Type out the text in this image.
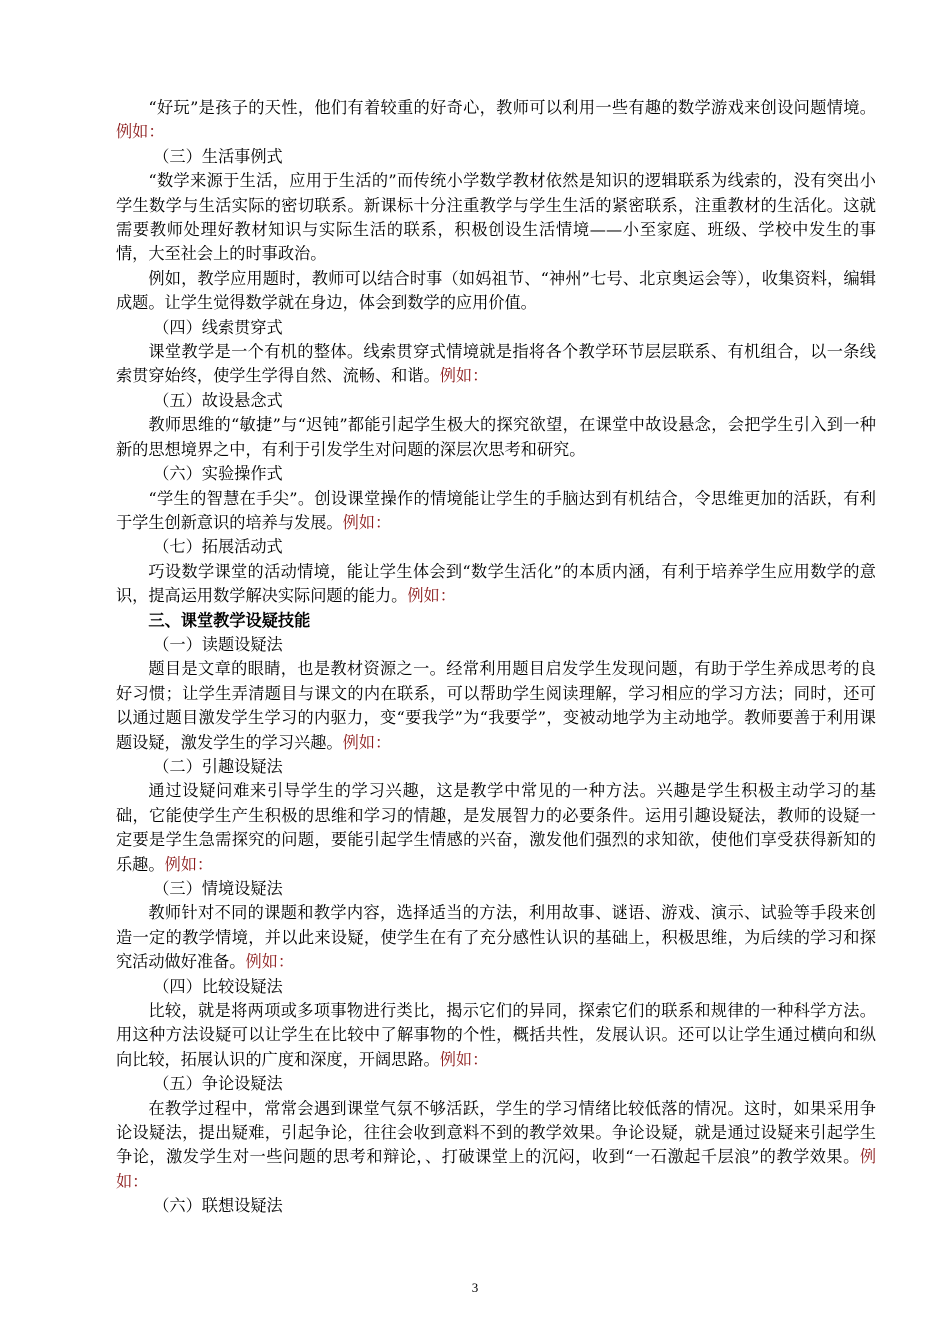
“好玩”是孩子的天性，他们有着较重的好奇心，教师可以利用一些有趣的数学游戏来创设问题情境。例如：

（三）生活事例式

“数学来源于生活，应用于生活的”而传统小学数学教材依然是知识的逻辑联系为线索的，没有突出小学生数学与生活实际的密切联系。新课标十分注重教学与学生生活的紧密联系，注重教材的生活化。这就需要教师处理好教材知识与实际生活的联系，积极创设生活情境——小至家庭、班级、学校中发生的事情，大至社会上的时事政治。

例如，教学应用题时，教师可以结合时事（如妈祖节、“神州”七号、北京奥运会等），收集资料，编辑成题。让学生觉得数学就在身边，体会到数学的应用价值。

（四）线索贯穿式

课堂教学是一个有机的整体。线索贯穿式情境就是指将各个教学环节层层联系、有机组合，以一条线索贯穿始终，使学生学得自然、流畅、和谐。例如：

（五）故设悬念式

教师思维的“敏捷”与“迟钝”都能引起学生极大的探究欲望，在课堂中故设悬念，会把学生引入到一种新的思想境界之中，有利于引发学生对问题的深层次思考和研究。

（六）实验操作式

“学生的智慧在手尖”。创设课堂操作的情境能让学生的手脑达到有机结合，令思维更加的活跃，有利于学生创新意识的培养与发展。例如：

（七）拓展活动式

巧设数学课堂的活动情境，能让学生体会到“数学生活化”的本质内涵，有利于培养学生应用数学的意识，提高运用数学解决实际问题的能力。例如：

三、课堂教学设疑技能

（一）读题设疑法

题目是文章的眼睛，也是教材资源之一。经常利用题目启发学生发现问题，有助于学生养成思考的良好习惯；让学生弄清题目与课文的内在联系，可以帮助学生阅读理解，学习相应的学习方法；同时，还可以通过题目激发学生学习的内驱力，变“要我学”为“我要学”，变被动地学为主动地学。教师要善于利用课题设疑，激发学生的学习兴趣。例如：

（二）引趣设疑法

通过设疑问难来引导学生的学习兴趣，这是教学中常见的一种方法。兴趣是学生积极主动学习的基础，它能使学生产生积极的思维和学习的情趣，是发展智力的必要条件。运用引趣设疑法，教师的设疑一定要是学生急需探究的问题，要能引起学生情感的兴奋，激发他们强烈的求知欲，使他们享受获得新知的乐趣。例如：

（三）情境设疑法

教师针对不同的课题和教学内容，选择适当的方法，利用故事、谜语、游戏、演示、试验等手段来创造一定的教学情境，并以此来设疑，使学生在有了充分感性认识的基础上，积极思维，为后续的学习和探究活动做好准备。例如：

（四）比较设疑法

比较，就是将两项或多项事物进行类比，揭示它们的异同，探索它们的联系和规律的一种科学方法。用这种方法设疑可以让学生在比较中了解事物的个性，概括共性，发展认识。还可以让学生通过横向和纵向比较，拓展认识的广度和深度，开阔思路。例如：

（五）争论设疑法

在教学过程中，常常会遇到课堂气氛不够活跃，学生的学习情绪比较低落的情况。这时，如果采用争论设疑法，提出疑难，引起争论，往往会收到意料不到的教学效果。争论设疑，就是通过设疑来引起学生争论，激发学生对一些问题的思考和辩论，、打破课堂上的沉闷，收到“一石激起千层浪”的教学效果。例如：

（六）联想设疑法

3
